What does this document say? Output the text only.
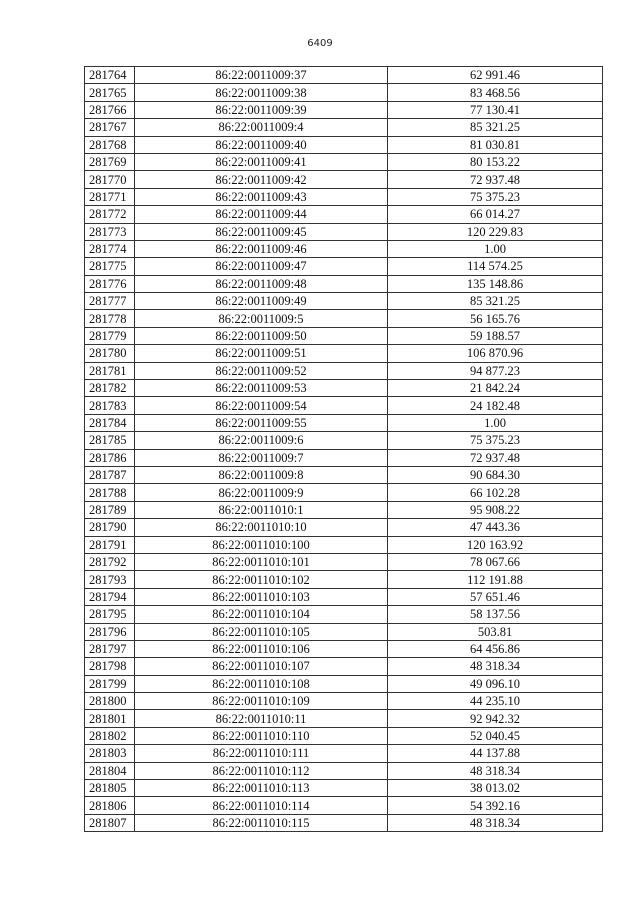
6409
281764	86:22:0011009:37	62 991.46
281765	86:22:0011009:38	83 468.56
281766	86:22:0011009:39	77 130.41
281767	86:22:0011009:4	85 321.25
281768	86:22:0011009:40	81 030.81
281769	86:22:0011009:41	80 153.22
281770	86:22:0011009:42	72 937.48
281771	86:22:0011009:43	75 375.23
281772	86:22:0011009:44	66 014.27
281773	86:22:0011009:45	120 229.83
281774	86:22:0011009:46	1.00
281775	86:22:0011009:47	114 574.25
281776	86:22:0011009:48	135 148.86
281777	86:22:0011009:49	85 321.25
281778	86:22:0011009:5	56 165.76
281779	86:22:0011009:50	59 188.57
281780	86:22:0011009:51	106 870.96
281781	86:22:0011009:52	94 877.23
281782	86:22:0011009:53	21 842.24
281783	86:22:0011009:54	24 182.48
281784	86:22:0011009:55	1.00
281785	86:22:0011009:6	75 375.23
281786	86:22:0011009:7	72 937.48
281787	86:22:0011009:8	90 684.30
281788	86:22:0011009:9	66 102.28
281789	86:22:0011010:1	95 908.22
281790	86:22:0011010:10	47 443.36
281791	86:22:0011010:100	120 163.92
281792	86:22:0011010:101	78 067.66
281793	86:22:0011010:102	112 191.88
281794	86:22:0011010:103	57 651.46
281795	86:22:0011010:104	58 137.56
281796	86:22:0011010:105	503.81
281797	86:22:0011010:106	64 456.86
281798	86:22:0011010:107	48 318.34
281799	86:22:0011010:108	49 096.10
281800	86:22:0011010:109	44 235.10
281801	86:22:0011010:11	92 942.32
281802	86:22:0011010:110	52 040.45
281803	86:22:0011010:111	44 137.88
281804	86:22:0011010:112	48 318.34
281805	86:22:0011010:113	38 013.02
281806	86:22:0011010:114	54 392.16
281807	86:22:0011010:115	48 318.34
